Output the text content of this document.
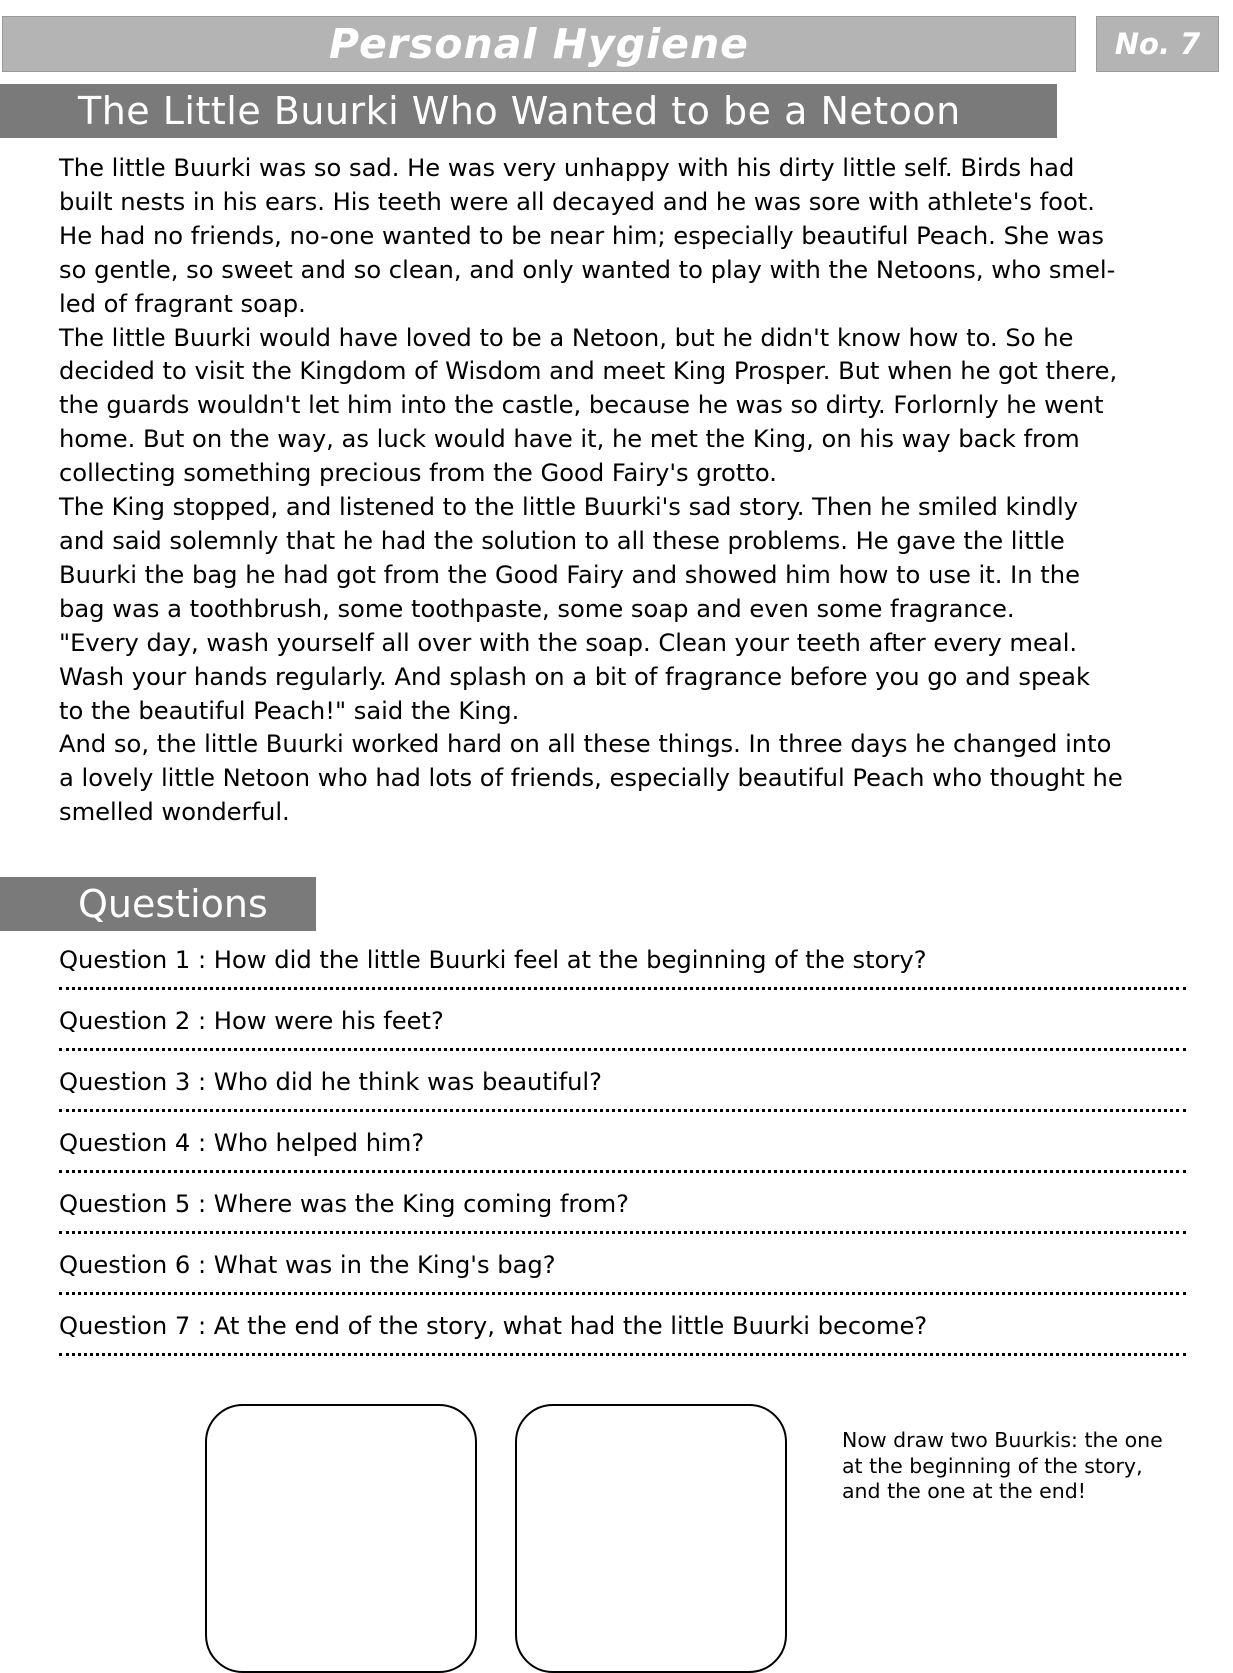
Personal Hygiene	No. 7
The Little Buurki Who Wanted to be a Netoon
The little Buurki was so sad. He was very unhappy with his dirty little self. Birds had
built nests in his ears. His teeth were all decayed and he was sore with athlete's foot.
He had no friends, no-one wanted to be near him; especially beautiful Peach. She was
so gentle, so sweet and so clean, and only wanted to play with the Netoons, who smel-
led of fragrant soap.
The little Buurki would have loved to be a Netoon, but he didn't know how to. So he
decided to visit the Kingdom of Wisdom and meet King Prosper. But when he got there,
the guards wouldn't let him into the castle, because he was so dirty. Forlornly he went
home. But on the way, as luck would have it, he met the King, on his way back from
collecting something precious from the Good Fairy's grotto.
The King stopped, and listened to the little Buurki's sad story. Then he smiled kindly
and said solemnly that he had the solution to all these problems. He gave the little
Buurki the bag he had got from the Good Fairy and showed him how to use it. In the
bag was a toothbrush, some toothpaste, some soap and even some fragrance.
"Every day, wash yourself all over with the soap. Clean your teeth after every meal.
Wash your hands regularly. And splash on a bit of fragrance before you go and speak
to the beautiful Peach!" said the King.
And so, the little Buurki worked hard on all these things. In three days he changed into
a lovely little Netoon who had lots of friends, especially beautiful Peach who thought he
smelled wonderful.
Questions
Question 1 : How did the little Buurki feel at the beginning of the story?
Question 2 : How were his feet?
Question 3 : Who did he think was beautiful?
Question 4 : Who helped him?
Question 5 : Where was the King coming from?
Question 6 : What was in the King's bag?
Question 7 : At the end of the story, what had the little Buurki become?
Now draw two Buurkis: the one
at the beginning of the story,
and the one at the end!
